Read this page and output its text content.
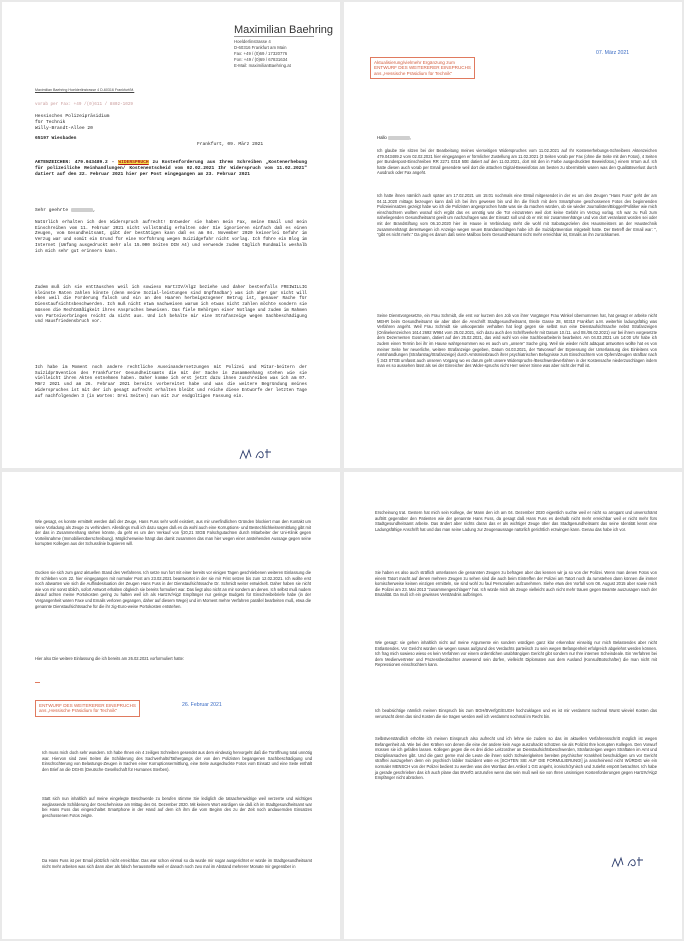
Maximilian Baehring
Hoelderlinstrasse 4
D-60316 Frankfurt am Main
Fax: +49 / (0)69 / 17320776
Fon: +49 / (0)69 / 67831634
E-Mail: maximilianBaehring.at
Maximilian Baehring Hoelderlinstrasse 4 D-60316 Frankfurt/M.
vorab per Fax: +49 /(0)611 / 8802-1029
Hessisches Polizeipräsidium
für Technik
Willy-Brandt-Allee 20
65197 Wiesbaden
Frankfurt, 09. März 2021
AKTENZEICHEN: 479.043489.2 - WIDERSPRUCH zu Kostenforderung aus Ihrem Schreiben „Kostenerhebung für polizeiliche Reinhandlungen/ Kostenentscheid vom 02.02.2021 Ihr Widerspruch vom 11.02.2021" datiert auf den 22. Februar 2021 hier per Post eingegangen am 23. Februar 2021
Sehr geehrte	,
Natürlich erhalten ich den Widerspruch aufrecht! Entweder sie haben mein Fax, meine Email und mein Einschreiben vom 11. Februar 2021 nicht vollständig erhalten oder Sie ignorieren einfach daß es einen Zeugen, vom Gesundheitsamt, gibt der bestätigen kann daß es am 04. November 2020 keinerlei Gefahr im Verzug war und somit ein Grund für eine Vorführung wegen Suizidgefahr nicht vorlag. Ich führe ein Blog im Internet (Umfang ausgedruckt mehr als 15.000 Seiten DIN A4) und verwende zudem täglich Rundmails weshalb ich mich sehr gut erinnern kann.
Zudem muß ich sie enttäuschen weil ich sowieso HartzIV/Alg2 beziehe und daher bestenfalls FREIWILLIG kleinste Raten zahlen könnte (denn meine Sozial-leistungen sind Unpfändbar) was ich aber gar nicht will eben weil die Forderung falsch und ein an den Haaren herbeigezogener Betrug ist, genauer Rache für Dienstaufsichtsbeschwerden. Ich muß nicht etwa nachweisen warum ich etwas nicht zahlen möchte sondern sie müssen die Rechtmäßigkeit ihres Anspruches beweisen. Das fiele Behörgen einer Notlage und zudem im Rahmen von Parteivorbringen reicht da nicht aus. Und ich behalte mir eine Strafanzeige wegen Sachbeschädigung und Hausfriedensbruch vor.
Ich habe im Moment noch andere rechtliche Auseinandersetzungen mit Polizei und Mitar-beitern der Suizidprävention des Frankfurter Gesundheitsamts die mit der Sache in Zusammenhang stehen wie sie vielleicht ihren Akten entnehmen haben. Daher komme ich erst jetzt dazu ihnen zuschreiben was ich am 07. März 2021 und am 26. Februar 2021 bereits vorbereitet habe und was die weitere Begründung meines Widerspruches ist mit der ich gesagt aufrecht erhalten bleibt und reiche diese Entwürfe der letzten Tage auf nachfolgenden 3 (in Worten: Drei Seiten) nun mit zur endgültigen Fassung ein.
Aktualisierung/vielmehr Ergänzung zum
ENTWURF DES WEITERERER EINSPRUCHS
ans „Hessische Präsidium für Technik"
07. März 2021
Hallo	,
Ich glaube Sie sitzen bei der Bearbeitung meines vierseitigen Widerspruches vom 11.02.2021 auf Ihr Kostenerhebungs-Schreibens Aktenzeichen 479.043489.2 vom 02.02.2021 hier eingegangen er förmlicher Zustellung am 11.02.2021 (3 Seiten vorab per Fax (ohne die Seite mit den Fotos), 4 Seiten per Bundespost-Einschreiben RR 2271 0318 50E datiert auf den 11.02.2021, dort mit den in Farbe ausgedruckten Beweisfotos,) einem Irrtum auf. Ich hatte diesen auch vorab per Email gesendete weil dort die attachen Digital-Beweisfotos am besten zu übermitteln waren was den Qualitätsverlust durch Ausdruck oder Fax angeht.
Ich hatte ihnen nämlich auch später am 17.02.2021 um 15:01 nochmals eine EMail mitgesendet in der es um den Zeugen "Hans Fuss" geht der am 04.11.2020 mittags bezeugen kann daß ich bei ihm gewesen bin und ihn die frisch mit dem Smartphone geschossenen Fotos des beginnenden Polizeieinsatzes gezeigt habe wo ich die Polizisten angesprochen hatte was sie da machen würden, ob sie wieder Journalisten/Blogger/Politiker wie mich einschüchtern wollten worauf sich ergibt das es unnötig war die Tür einzutreten weil dort keine Gefahr im Verzug vorlag. Ich war zu Fuß zum naheliegenden Gesundheitsamt geeilt um nachzufragen was der Einsatz soll und ob er mit mir zusammenhänge und von dort veranlasst worden sei oder mit der Brandstiftung vom 06.10.2020 hier im Hause in Verbindung steht die wohl mit Sabotagezielen des Hausmeisters an der Haustechnik zusammenhängt derentwegen ich Anzeige wegen neuen Brandanschlägen habe ich die Suizidprävention mitgeteilt hatte. Der Betreff der Email war: ", "gibt es nicht mehr." Da ging es darum daß seine Mailbox beim Gesundheitsamt nicht mehr erreichbar ist, Emails an ihn zurückkamen.
Seine Dienstvorgesetzte, ein Frau Schmidt, die erst vor kurzem den Job von ihrer Vorgänger Frau Winkel übernommen hat, hat gesagt er arbeite nicht MEHR beim Gesundheitsamt sie aber über die Anschrift Stadtgesundheitsamt, Breite Gasse 28, 60310 Frankfurt a.M. weiterhin ladungsfähig was Verfahren angeht. Weil Frau Schmidt sie unkooperativ verhalten hat liegt gegen sie selbst nun eine Dienstaufsichtsache nebst Strafanzeigen (Onlinekenzeichen 1614 2692 W984 vom 25.02.2021, sich dazu auch den Schriftverkehr mit Datum 10./11. und 08./06.02.2021) vor bei ihrem vorgesetzte dem Dezernenten Gosmann, datiert auf den 25.02.2021, das wird wohl von eine Sachbearbeiterin bearbeitet. Am 04.03.2021 um 14:00 Uhr habe ich zudem einen Termin bei ihr im Hause wahrgenommen wo es auch um „unsere" Sache ging. Weil sie wieder nicht adäquat antworten wollte hat es von meiner Seite her neuerliche, weitere Strafanzeige gegeben, Datum 04.03.2021, der Tatvorwurf der Erpressung der Unterlassung des Einleitens von Amtshandlungen (Strafantrag/Strafanzeige) durch Amtsmissbrauch ihrer psychiatrischen Befugnisse zum Einschüchtern von Opfern/Zeugen strafbar nach § 343 STGB umfasst auch unseren Vorgang wo es darum geht unsere Widerspruchs-/Beschwerdeverfahren in der Kostensache niederzuschlagen indem man es so aussehen lässt als sei der Einreicher des Wider-spruchs nicht Herr seiner Sinne was aber nicht der Fall ist.
Wie gesagt, es konnte ermittelt werden daß der Zeuge, Hans Fuss sehr wohl existiert, aus mir unerfindlichen Gründen blockiert man den Kontakt um seine Vorladung als Zeuge zu verhindern. Allerdings muß ich dazu sagen daß es da wohl auch eine Korruptions- und Bestechlichkeitsermittlung gibt mit der das in Zusammenhang stehen könnte, da geht es um den Verkauf von §20,21 StGB Falschgutachten durch Mitarbeiter der Uni-Klinik gegen Vorteilsnahme (Immobilienüberschreibung). Möglicherweise hängt das damit zusammen das man hier wegen einer anstehenden Aussage gegen seine korrupten Kollegen aus der Schusslinie bugsieren will.
Gucken sie sich zum ganz aktuellen Stand des Verfahrens. Ich setze nun fort mit einer bereits vor einigen Tagen geschriebenen weiteren Einlassung die Ihr schleben vom 22. hier eingegangen mit normaler Post am 23.02.2021 beantwortet in der sie mir Frist setzen bis zum 12.02.2021. Ich wollte erst noch abwarten wie sich die Auffindesituation der Zeugen Hans Fuss in der Dienstaufsichtssache Dr. Schmidt weiter entwickelt. Daher haben sie nicht wie von mir sonst üblich, sofort Antwort erhalten obgleich sie bereits formuliert war. Das liegt also nicht an mir sondern an denen. Ich selbst muß nudem darauf achten meine Portokosten gering zu halten weil ich als HartzIV/Alg2 Empfänger nur geringe Budgets für Einschreibebriefe habe (in der Vergangenheit waren Faxe und Emails verloren gegangen, daher auf diesem Wege) und im Moment mehre Verfahren parallel bearbeiten muß, etwa die genannte Dienstaufsichtssache für die ihr zig-Euro-weise Portokosten entstehen.
Hier also Die weitere Einlassung die ich bereits am 26.02.2021 vorformuliert hatte:
ENTWURF DES WEITERERER EINSPRUCHS
ans „Hessische Präsidium für Technik"
26. Februar 2021
Ich muss mich doch sehr wundern. Ich habe Ihnen ein 4 zeiliges Schreiben gesendet aus dem eindeutig hervorgeht daß die Türöffnung total unnötig war. Hiervon sind zwei Seiten die Schilderung des Sachverhalts/Tathergangs der von den Polizisten begangenen Sachbeschädigung und Einschüchterung von Belastungs-Zeugen in Sachen einer Korruptionsermittlung, eine Seite ausgedruckte Fotos vom Einsatz und eine Seite enthält den Brief an die DGHS (Deutsche Gesellschaft für Humanes Sterben).
Statt sich nun inhaltlich auf meine eingelegte Beschwerde zu berufen stimme Sie lediglich die tatsachenwidrige weil verzerrte und wichtiges weglassende Schilderung der Geschehnisse am Mittag des 04. Dezember 2020. Mit keinem Wort würdigen sie daß ich im Stadtgesundheitsamt war bei Hans Fuss das eingeschaltet Smartphone in der Hand auf dem ich ihm die vom Beginn des zu der Zeit noch andauernden Einsatzes geschossenen Fotos zeigte.
Da Hans Fuss ist per Email plötzlich nicht erreichbar. Das war schon einmal so da wurde mir sogar ausgerichtet er würde im Stadtgesundheitsamt nicht mehr arbeiten was sich dann aber als falsch herausstellte weil er danach noch zwo mal im Abstand mehrerer Monate mir gegenüber in
Erscheinung trat. Gestern hat mich sein Kollege, der Mann den ich am 04. Dezember 2020 eigentlich suchte weil er nicht so arrogant und unverschämt auftritt gegenüber den Patienten wie der genannte Hans Fuss, da gesagt daß Hans Fuss es deshalb nicht mehr erreichbar weil er nicht mehr fürs Stadtgesundheitsamt arbeite. Das ändert aber nichts daran das er als wichtiger Zeuge über das Stadtgesundheitsamt das seine Identität kennt eine Ladungsfähige Anschrift hat und das man seine Ladung zur Zeugenaussage natürlich gerichtlich erzwingen kann. Genau das habe ich vor.
Sie haben es also auch sträflich unterlassen die genannten Zeugen zu befragen aber das kennen wir ja so von der Polizei. Wenn man denen Fotos von einem Tatort macht auf denen mehrere Zeugen zu sehen sind die auch beim Eintreffen der Polizei am Tatort noch da rumstehen dann können die immer komischerweise keinen einzigen ermitteln, sie sind wohl zu faul Personalien aufzunehmen. Siehe etwa den Vorfall vom 08. August 2015 aber sowie mich die Polizei am 23. Mai 2013 "zusammengeschlagen" hat. Ich würde mich als Zeuge vielleicht auch nicht mehr trauen gegen Beamte auszusagen nach der Brutalität. Da muß ich ein gewisses Verständnis aufbringen.
Wie gesagt: sie gehen inhaltlich nicht auf meine Argumente ein sondern würdigen ganz klar erkennbar einseitig nur mich Belastendes aber nicht Entlastendes. Vor Gericht würden sie wegen sowas aufgrund des Verdachts parteiisch zu sein wegen Befangenheit erfolgreich abgelehnt werden können. Ich frag mich sowieso wieso es kein Verfahren vor einem ordentlichen unabhängigen Gericht gibt sondern nur Ihre internen Scheindeale. Ein Verfahren bei dem Medienvertreter und Prozessbeobachter anwesend sein dürfen, vielleicht Diplomaten aus dem Ausland (Konsul/Botschafter) die man nicht mit Repressionen einschüchtern kann.
Ich beabsichtige nämlich meinen Einspruch bis zum BGH/BVerfgG/EUGH hochzuklagen und es ist mir verdammt nochmal Wurst wieviel Kosten das verursacht denn das sind Kosten die sie tragen werden weil ich verdammt nochmal im Recht bin.
Selbstverständlich erhöhte ich meinen Einspruch also aufrecht und ich lehne sie zudem so das im aktuellen Verfahrensschritt möglich ist wegen Befangenheit ab. Wie bei den Krähen von denen die eine der andere kein Auge auszuhackt schützen sie als Polizist Ihre korrupten Kollegen. Den Vorwurf müssen sie ich gefallen lassen. Kollegen gegen die es drei dicke Leitzordner an Dienstaufsichtsbeschwerden, Strafanzeigen wegen Straftaten im Amt und Disziplinarsachen gibt. Und die ganz gerne mal die Leute die ihnen solch Schwierigkeiten bereiten psychischer Krankheit beschuldigen um vor Gericht straffrei auszugehen denn ein psychisch labiler Suizident wäre es [SCHTEN SIE AUF DIE FORMULIERUNG!] ja anscheinend nicht WÜRDIG wie ein normaler MENSCH von der Polizei bedient zu werden was den Wortlaut des Artikel 1 GG angeht, ironisch/zynisch und zutiefst empört betrachtet. Ich habe ja gerade geschrieben das ich auch plane das BVerfG anzurufen wenn das sein muß weil sie von Ihren unsinnigen Kostenforderungen gegen HartzIV/Alg2 Empfänger nicht abrücken.
